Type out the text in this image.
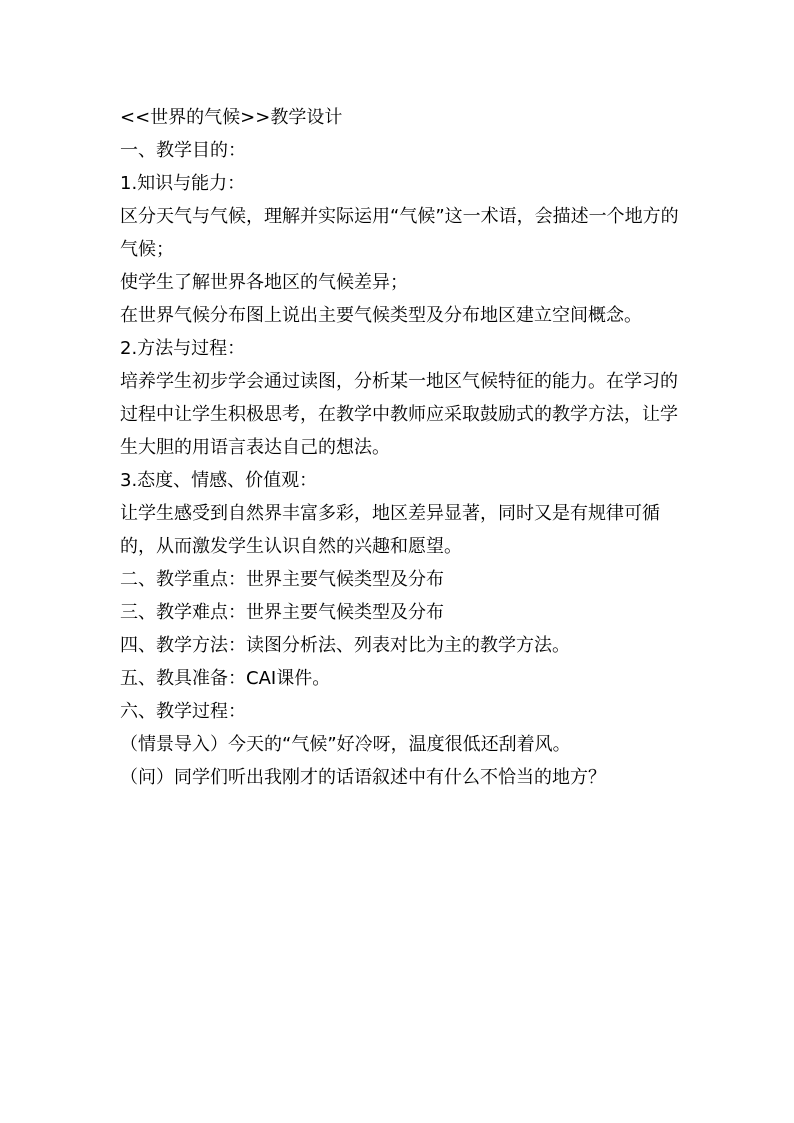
<<世界的气候>>教学设计

一、教学目的：

1.知识与能力：

区分天气与气候，理解并实际运用“气候”这一术语，会描述一个地方的气候；

使学生了解世界各地区的气候差异；

在世界气候分布图上说出主要气候类型及分布地区建立空间概念。

2.方法与过程：

培养学生初步学会通过读图，分析某一地区气候特征的能力。在学习的过程中让学生积极思考，在教学中教师应采取鼓励式的教学方法，让学生大胆的用语言表达自己的想法。

3.态度、情感、价值观：

让学生感受到自然界丰富多彩，地区差异显著，同时又是有规律可循的，从而激发学生认识自然的兴趣和愿望。

二、教学重点：世界主要气候类型及分布

三、教学难点：世界主要气候类型及分布

四、教学方法：读图分析法、列表对比为主的教学方法。

五、教具准备：CAI课件。

六、教学过程：

（情景导入）今天的“气候”好冷呀，温度很低还刮着风。

（问）同学们听出我刚才的话语叙述中有什么不恰当的地方？
